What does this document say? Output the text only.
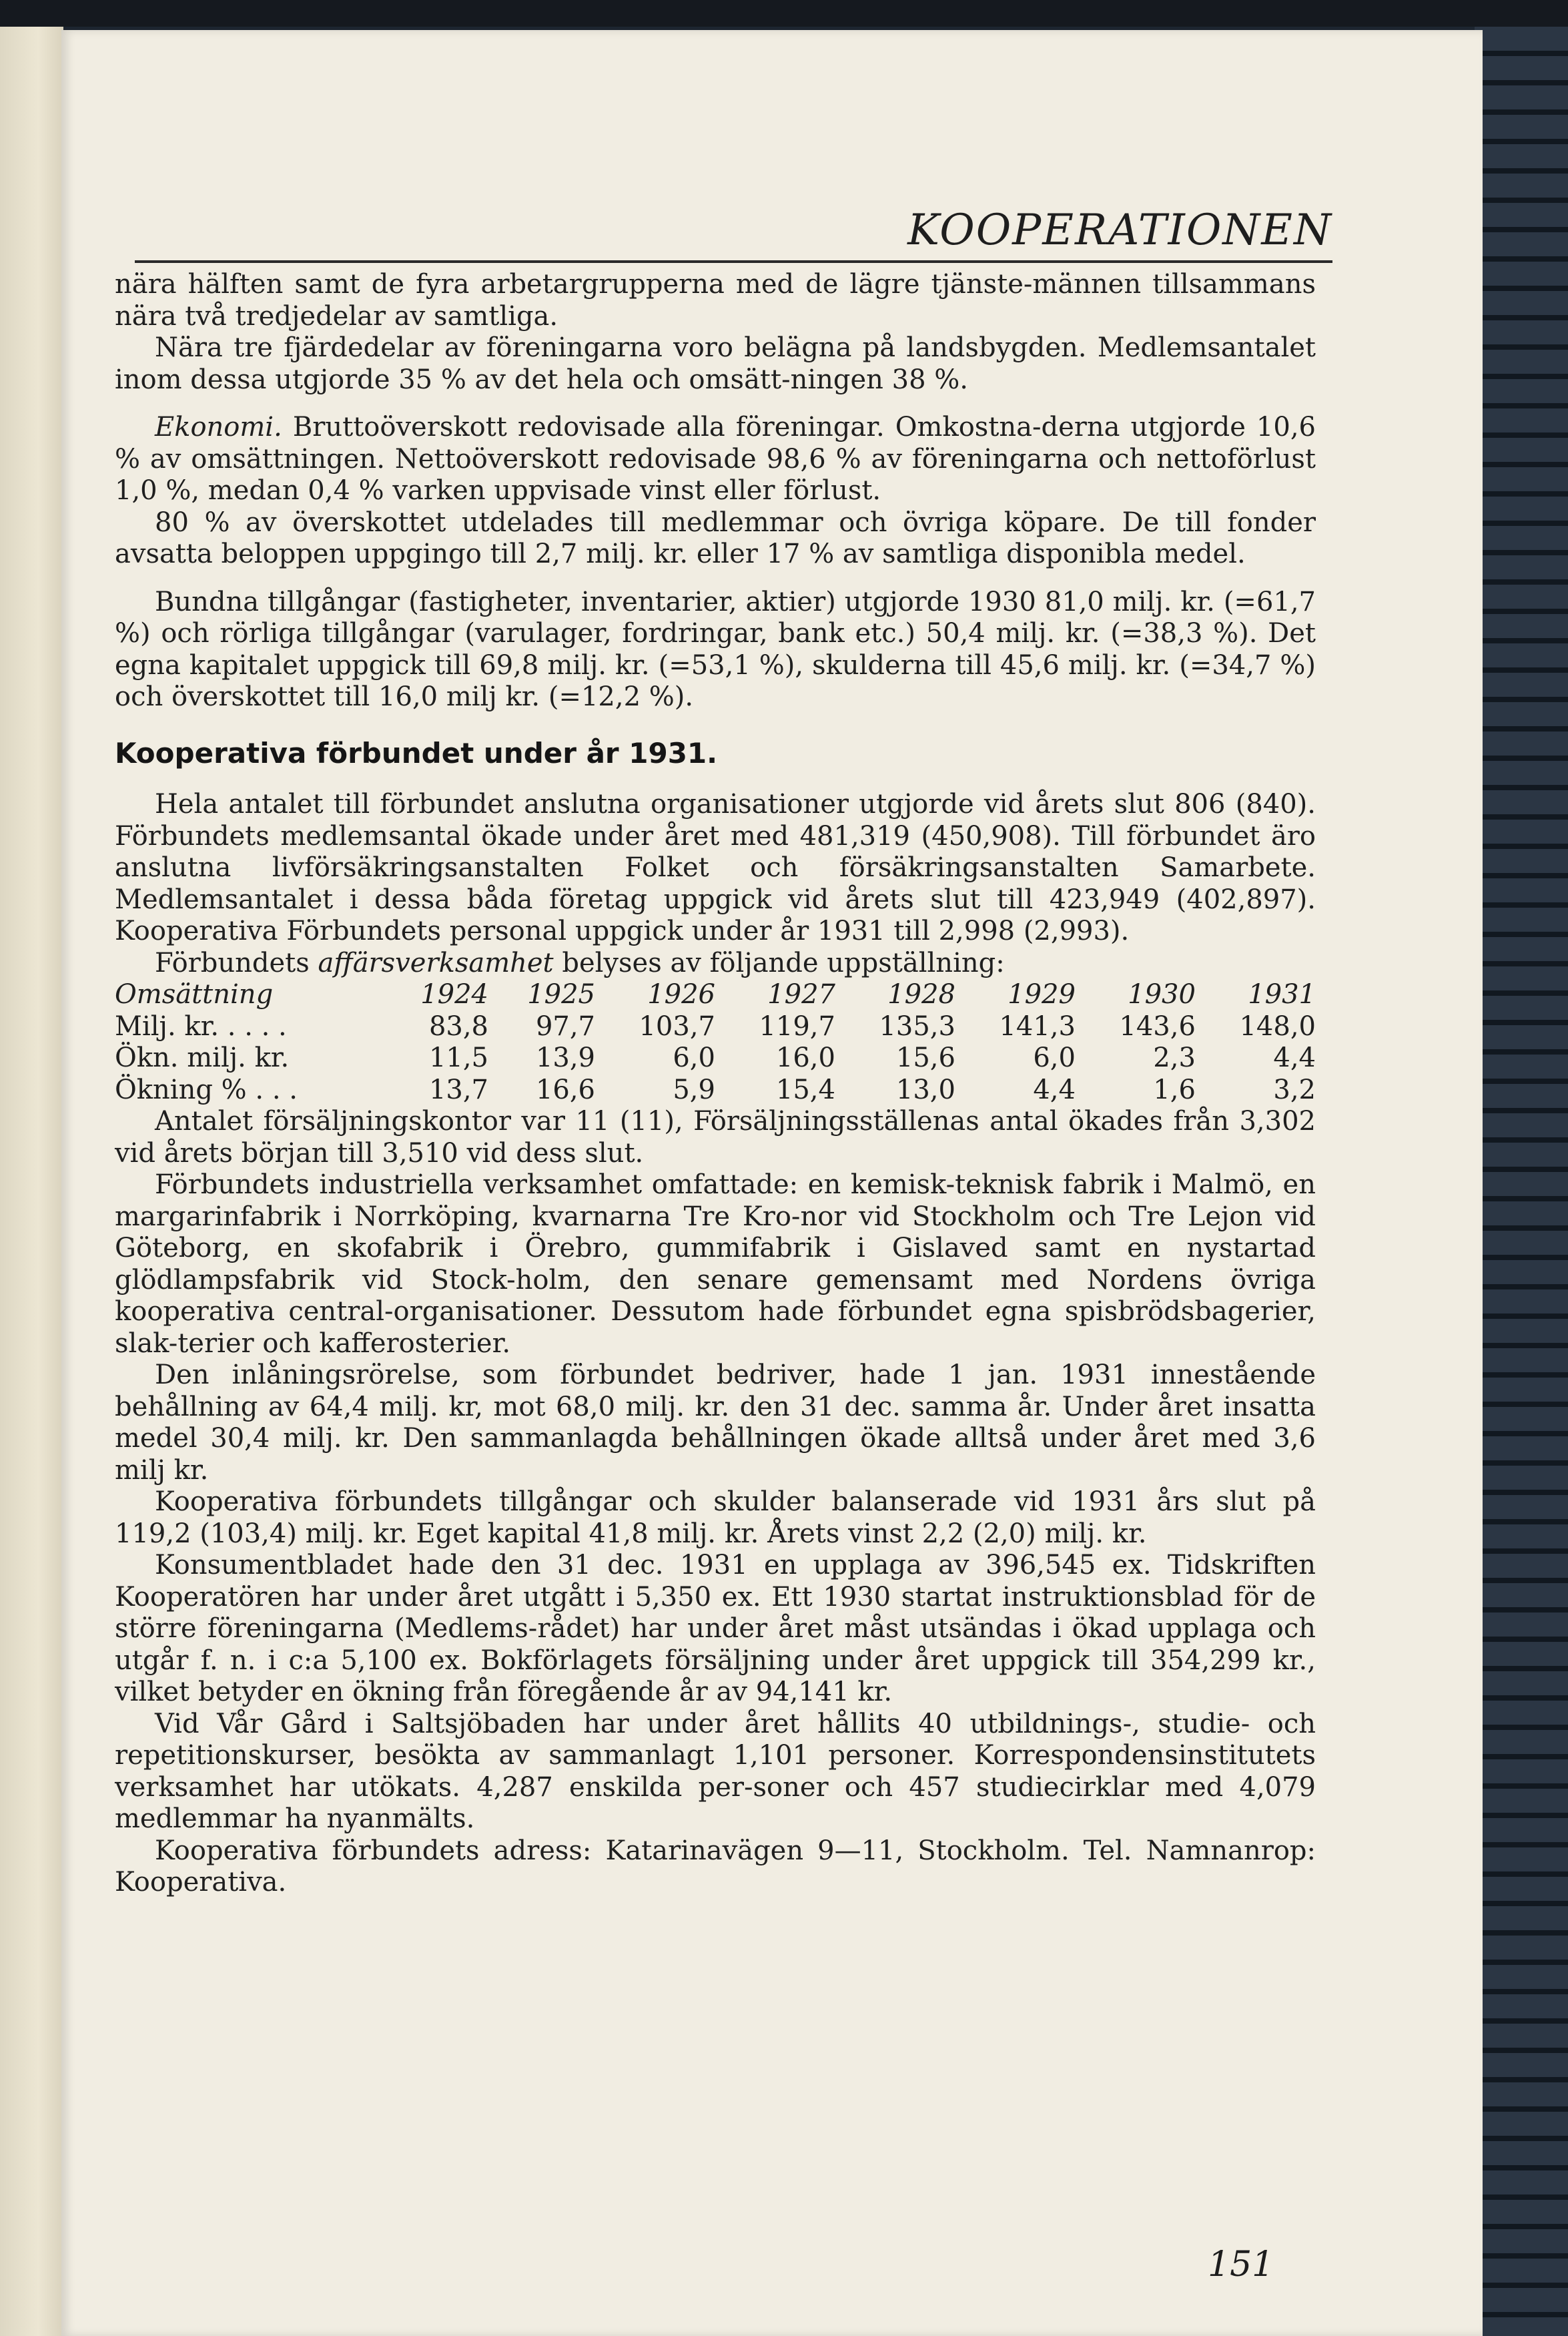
KOOPERATIONEN

nära hälften samt de fyra arbetargrupperna med de lägre tjänste-männen tillsammans nära två tredjedelar av samtliga.

Nära tre fjärdedelar av föreningarna voro belägna på landsbygden. Medlemsantalet inom dessa utgjorde 35 % av det hela och omsätt-ningen 38 %.

Ekonomi. Bruttoöverskott redovisade alla föreningar. Omkostna-derna utgjorde 10,6 % av omsättningen. Nettoöverskott redovisade 98,6 % av föreningarna och nettoförlust 1,0 %, medan 0,4 % varken uppvisade vinst eller förlust.

80 % av överskottet utdelades till medlemmar och övriga köpare. De till fonder avsatta beloppen uppgingo till 2,7 milj. kr. eller 17 % av samtliga disponibla medel.

Bundna tillgångar (fastigheter, inventarier, aktier) utgjorde 1930 81,0 milj. kr. (=61,7 %) och rörliga tillgångar (varulager, fordringar, bank etc.) 50,4 milj. kr. (=38,3 %). Det egna kapitalet uppgick till 69,8 milj. kr. (=53,1 %), skulderna till 45,6 milj. kr. (=34,7 %) och överskottet till 16,0 milj kr. (=12,2 %).

Kooperativa förbundet under år 1931.

Hela antalet till förbundet anslutna organisationer utgjorde vid årets slut 806 (840). Förbundets medlemsantal ökade under året med 481,319 (450,908). Till förbundet äro anslutna livförsäkringsanstalten Folket och försäkringsanstalten Samarbete. Medlemsantalet i dessa båda företag uppgick vid årets slut till 423,949 (402,897). Kooperativa Förbundets personal uppgick under år 1931 till 2,998 (2,993).

Förbundets affärsverksamhet belyses av följande uppställning:

Omsättning	1924	1925	1926	1927	1928	1929	1930	1931
Milj. kr. . . . .	83,8	97,7	103,7	119,7	135,3	141,3	143,6	148,0
Ökn. milj. kr.	11,5	13,9	6,0	16,0	15,6	6,0	2,3	4,4
Ökning % . . .	13,7	16,6	5,9	15,4	13,0	4,4	1,6	3,2

Antalet försäljningskontor var 11 (11), Försäljningsställenas antal ökades från 3,302 vid årets början till 3,510 vid dess slut.

Förbundets industriella verksamhet omfattade: en kemisk-teknisk fabrik i Malmö, en margarinfabrik i Norrköping, kvarnarna Tre Kro-nor vid Stockholm och Tre Lejon vid Göteborg, en skofabrik i Örebro, gummifabrik i Gislaved samt en nystartad glödlampsfabrik vid Stock-holm, den senare gemensamt med Nordens övriga kooperativa central-organisationer. Dessutom hade förbundet egna spisbrödsbagerier, slak-terier och kafferosterier.

Den inlåningsrörelse, som förbundet bedriver, hade 1 jan. 1931 innestående behållning av 64,4 milj. kr, mot 68,0 milj. kr. den 31 dec. samma år. Under året insatta medel 30,4 milj. kr. Den sammanlagda behållningen ökade alltså under året med 3,6 milj kr.

Kooperativa förbundets tillgångar och skulder balanserade vid 1931 års slut på 119,2 (103,4) milj. kr. Eget kapital 41,8 milj. kr. Årets vinst 2,2 (2,0) milj. kr.

Konsumentbladet hade den 31 dec. 1931 en upplaga av 396,545 ex. Tidskriften Kooperatören har under året utgått i 5,350 ex. Ett 1930 startat instruktionsblad för de större föreningarna (Medlems-rådet) har under året måst utsändas i ökad upplaga och utgår f. n. i c:a 5,100 ex. Bokförlagets försäljning under året uppgick till 354,299 kr., vilket betyder en ökning från föregående år av 94,141 kr.

Vid Vår Gård i Saltsjöbaden har under året hållits 40 utbildnings-, studie- och repetitionskurser, besökta av sammanlagt 1,101 personer. Korrespondensinstitutets verksamhet har utökats. 4,287 enskilda per-soner och 457 studiecirklar med 4,079 medlemmar ha nyanmälts.

Kooperativa förbundets adress: Katarinavägen 9—11, Stockholm. Tel. Namnanrop: Kooperativa.

151
